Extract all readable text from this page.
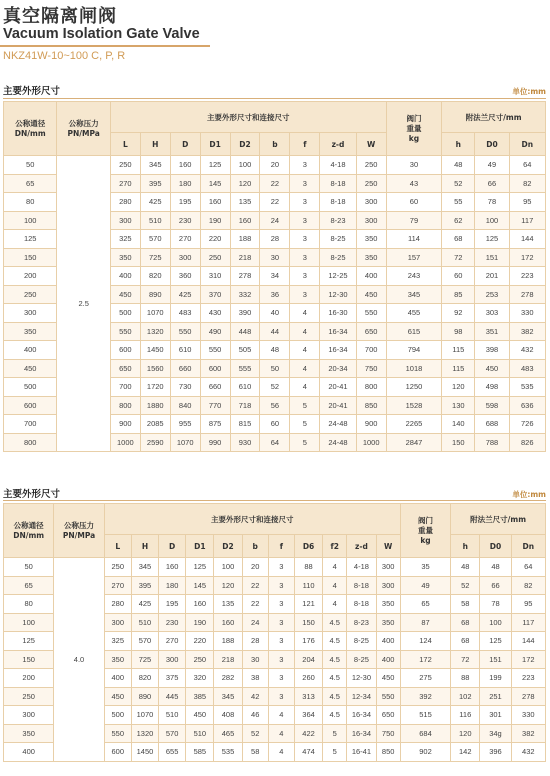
真空隔离闸阀
Vacuum Isolation Gate Valve
NKZ41W-10~100 C, P, R
主要外形尺寸	单位:mm
公称通径
DN/mm	公称压力
PN/MPa	主要外形尺寸和连接尺寸									阀门
重量
kg	附法兰尺寸/mm		
		L	H	D	D1	D2	b	f	z-d	W		h	D0	Dn
50	2.5	250	345	160	125	100	20	3	4-18	250	30	48	49	64
65		270	395	180	145	120	22	3	8-18	250	43	52	66	82
80		280	425	195	160	135	22	3	8-18	300	60	55	78	95
100		300	510	230	190	160	24	3	8-23	300	79	62	100	117
125		325	570	270	220	188	28	3	8-25	350	114	68	125	144
150		350	725	300	250	218	30	3	8-25	350	157	72	151	172
200		400	820	360	310	278	34	3	12-25	400	243	60	201	223
250		450	890	425	370	332	36	3	12-30	450	345	85	253	278
300		500	1070	483	430	390	40	4	16-30	550	455	92	303	330
350		550	1320	550	490	448	44	4	16-34	650	615	98	351	382
400		600	1450	610	550	505	48	4	16-34	700	794	115	398	432
450		650	1560	660	600	555	50	4	20-34	750	1018	115	450	483
500		700	1720	730	660	610	52	4	20-41	800	1250	120	498	535
600		800	1880	840	770	718	56	5	20-41	850	1528	130	598	636
700		900	2085	955	875	815	60	5	24-48	900	2265	140	688	726
800		1000	2590	1070	990	930	64	5	24-48	1000	2847	150	788	826
主要外形尺寸	单位:mm
公称通径
DN/mm	公称压力
PN/MPa	主要外形尺寸和连接尺寸											阀门
重量
kg	附法兰尺寸/mm		
		L	H	D	D1	D2	b	f	D6	f2	z-d	W		h	D0	Dn
50	4.0	250	345	160	125	100	20	3	88	4	4-18	300	35	48	48	64
65		270	395	180	145	120	22	3	110	4	8-18	300	49	52	66	82
80		280	425	195	160	135	22	3	121	4	8-18	350	65	58	78	95
100		300	510	230	190	160	24	3	150	4.5	8-23	350	87	68	100	117
125		325	570	270	220	188	28	3	176	4.5	8-25	400	124	68	125	144
150		350	725	300	250	218	30	3	204	4.5	8-25	400	172	72	151	172
200		400	820	375	320	282	38	3	260	4.5	12-30	450	275	88	199	223
250		450	890	445	385	345	42	3	313	4.5	12-34	550	392	102	251	278
300		500	1070	510	450	408	46	4	364	4.5	16-34	650	515	116	301	330
350		550	1320	570	510	465	52	4	422	5	16-34	750	684	120	34g	382
400		600	1450	655	585	535	58	4	474	5	16-41	850	902	142	396	432
